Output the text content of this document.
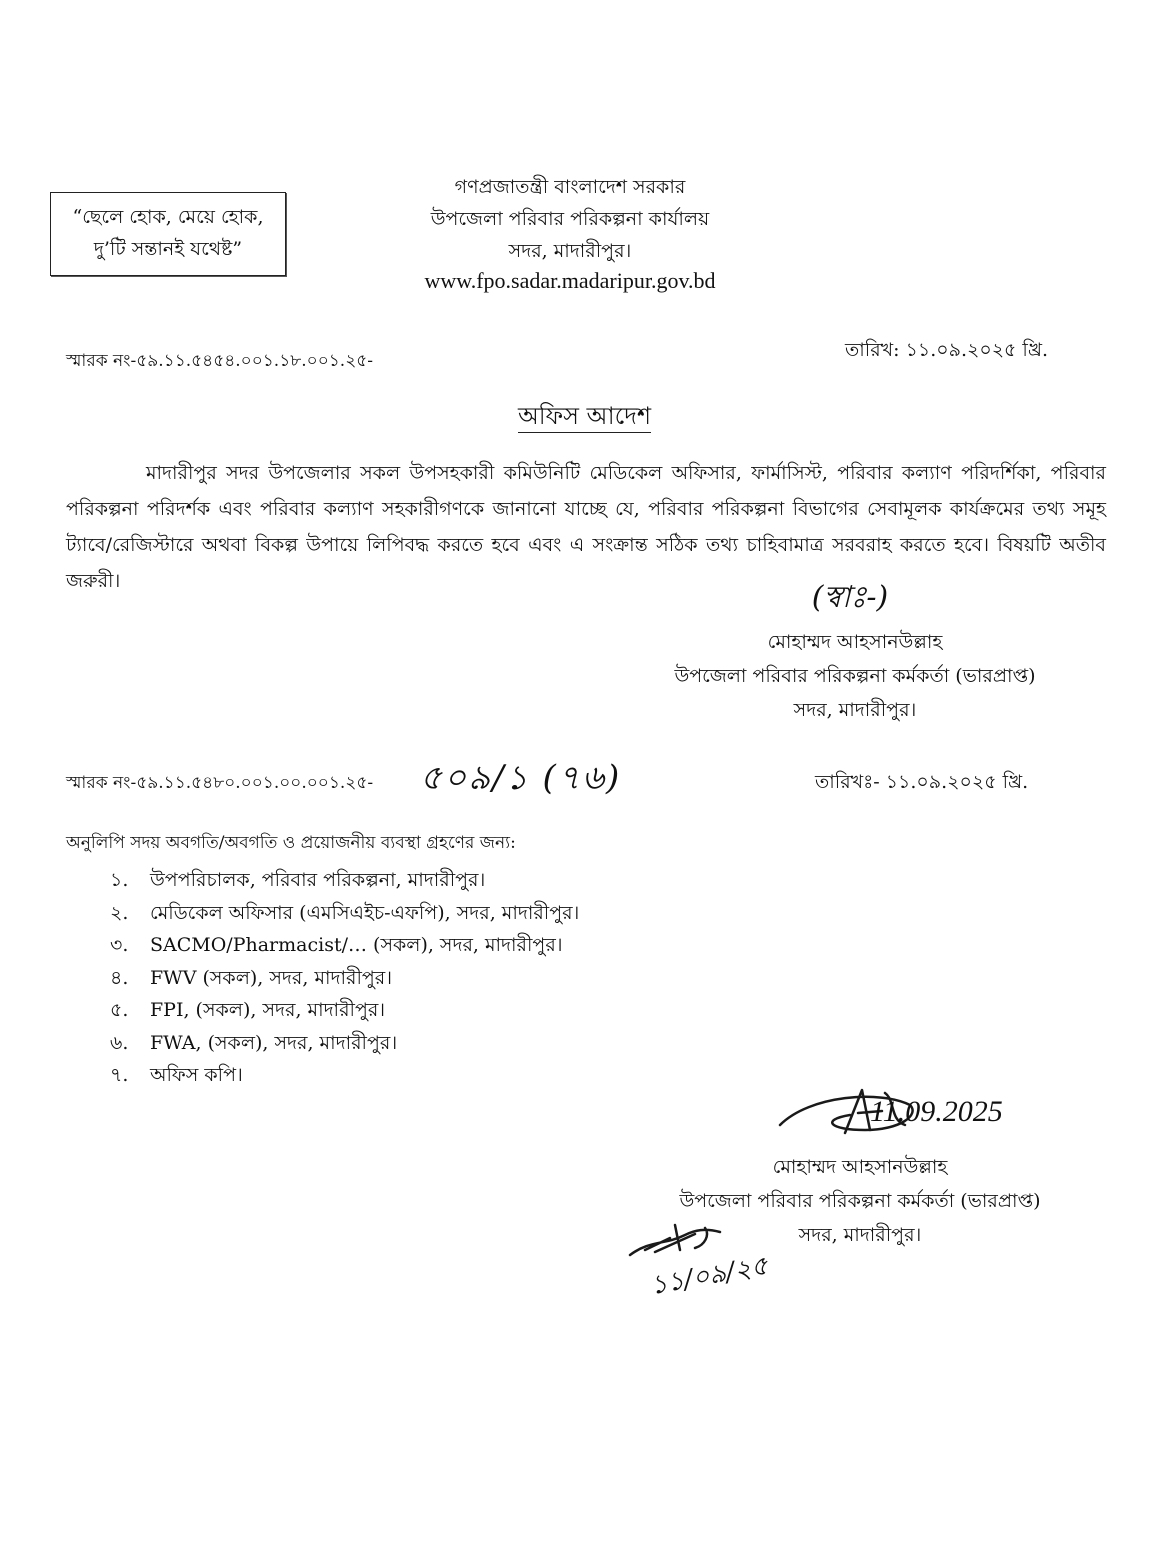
“ছেলে হোক, মেয়ে হোক,
দু’টি সন্তানই যথেষ্ট”
গণপ্রজাতন্ত্রী বাংলাদেশ সরকার
উপজেলা পরিবার পরিকল্পনা কার্যালয়
সদর, মাদারীপুর।
www.fpo.sadar.madaripur.gov.bd
স্মারক নং-৫৯.১১.৫৪৫৪.০০১.১৮.০০১.২৫-	তারিখ: ১১.০৯.২০২৫ খ্রি.
অফিস আদেশ
মাদারীপুর সদর উপজেলার সকল উপসহকারী কমিউনিটি মেডিকেল অফিসার, ফার্মাসিস্ট, পরিবার কল্যাণ পরিদর্শিকা, পরিবার পরিকল্পনা পরিদর্শক এবং পরিবার কল্যাণ সহকারীগণকে জানানো যাচ্ছে যে, পরিবার পরিকল্পনা বিভাগের সেবামূলক কার্যক্রমের তথ্য সমূহ ট্যাবে/রেজিস্টারে অথবা বিকল্প উপায়ে লিপিবদ্ধ করতে হবে এবং এ সংক্রান্ত সঠিক তথ্য চাহিবামাত্র সরবরাহ করতে হবে। বিষয়টি অতীব জরুরী।	(স্বাঃ-)
মোহাম্মদ আহসানউল্লাহ
উপজেলা পরিবার পরিকল্পনা কর্মকর্তা (ভারপ্রাপ্ত)
সদর, মাদারীপুর।
স্মারক নং-৫৯.১১.৫৪৮০.০০১.০০.০০১.২৫- ৫০৯/১ (৭৬)	তারিখঃ- ১১.০৯.২০২৫ খ্রি.
অনুলিপি সদয় অবগতি/অবগতি ও প্রয়োজনীয় ব্যবস্থা গ্রহণের জন্য:
১.	উপপরিচালক, পরিবার পরিকল্পনা, মাদারীপুর।
২.	মেডিকেল অফিসার (এমসিএইচ-এফপি), সদর, মাদারীপুর।
৩.	SACMO/Pharmacist/… (সকল), সদর, মাদারীপুর।
৪.	FWV (সকল), সদর, মাদারীপুর।
৫.	FPI, (সকল), সদর, মাদারীপুর।
৬.	FWA, (সকল), সদর, মাদারীপুর।
৭.	অফিস কপি।
11.09.2025
মোহাম্মদ আহসানউল্লাহ
উপজেলা পরিবার পরিকল্পনা কর্মকর্তা (ভারপ্রাপ্ত)
সদর, মাদারীপুর।
১১/০৯/২৫
